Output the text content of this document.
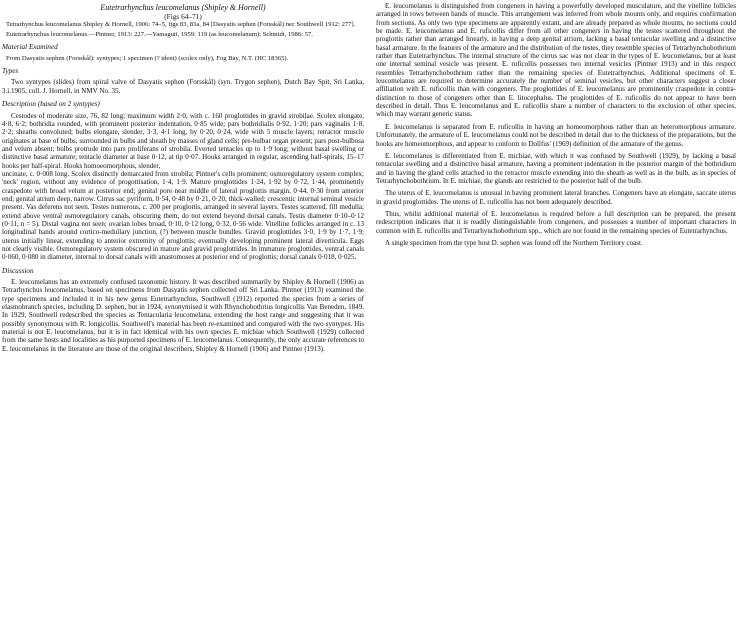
Eutetrarhynchus leucomelanus (Shipley & Hornell)

(Figs 64–71)

Tetrarhynchus leucomelanus Shipley & Hornell, 1906: 74–5, figs 83, 83a, 84 [Dasyatis sephen (Forsskål) nec Southwell 1912: 277].

Eutetrarhynchus leucomelanus.—Pintner, 1913: 227.—Yamaguti, 1959: 119 (as leucomelanum); Schmidt, 1986: 57.

Material Examined

From Dasyatis sephen (Forsskål): syntypes; 1 specimen (? ident) (scolex only), Fog Bay, N.T. (HC 18365).

Types

Two syntypes (slides) from spiral valve of Dasyatis sephen (Forsskål) (syn. Trygon sephen), Dutch Bay Spit, Sri Lanka, 3.i.1905, coll. J. Hornell, in NMV No. 35.

Description (based on 2 syntypes)

Cestodes of moderate size, 76, 82 long; maximum width 2·0, with c. 160 proglottides in gravid strobilae. Scolex elongate, 4·8, 6·2; bothridia rounded, with prominent posterior indentation, 0·85 wide; pars bothridialis 0·92, 1·20; pars vaginalis 1·8, 2·2; sheaths convoluted; bulbs elongate, slender, 3·3, 4·1 long, by 0·20, 0·24, wide with 5 muscle layers; retractor muscle originates at base of bulbs, surrounded in bulbs and sheath by masses of gland cells; pre-bulbar organ present; pars post-bulbosa and velum absent; bulbs protrude into pars proliferans of strobila. Everted tentacles up to 1·9 long; without basal swelling or distinctive basal armature; tentacle diameter at base 0·12, at tip 0·07. Hooks arranged in regular, ascending half-spirals, 15–17 hooks per half-spiral. Hooks homoeomorphous, slender,

uncinate, c. 0·008 long. Scolex distinctly demarcated from strobila; Pintner's cells prominent; osmoregulatory system complex; 'neck' region, without any evidence of progottisation, 1·4, 1·9. Mature proglottides 1·24, 1·92 by 0·72, 1·44, prominently craspedote with broad velum at posterior end; genital pore near middle of lateral proglottis margin, 0·44, 0·30 from anterior end; genital atrium deep, narrow. Cirrus sac pyriform, 0·54, 0·48 by 0·21, 0·20, thick-walled; crescentic internal seminal vesicle present. Vas deferens not seen. Testes numerous, c. 200 per proglottis, arranged in several layers. Testes scattered, fill medulla; extend above ventral osmoregulatory canals, obscuring them, do not extend beyond dorsal canals. Testis diameter 0·10–0·12 (0·11, n = 5). Distal vagina not seen; ovarian lobes broad, 0·10, 0·12 long, 0·32, 0·56 wide. Vitelline follicles arranged in c. 13 longitudinal bands around cortico-medullary junction, (?) between muscle bundles. Gravid proglottides 3·0, 1·9 by 1·7, 1·9; uterus initially linear, extending to anterior extremity of proglottis; eventually developing prominent lateral diverticula. Eggs not clearly visible. Osmoregulatory system obscured in mature and gravid proglottides. In immature proglottides, ventral canals 0·060, 0·080 in diameter, internal to dorsal canals with anastomoses at posterior end of proglottis; dorsal canals 0·018, 0·025.

Discussion

E. leucomelanus has an extremely confused taxonomic history. It was described summarily by Shipley & Hornell (1906) as Tetrarhynchus leucomelanus, based on specimens from Dasyatis sephen collected off Sri Lanka. Pintner (1913) examined the type specimens and included it in his new genus Eutetrarhynchus. Southwell (1912) reported the species from a series of elasmobranch species, including D. sephen, but in 1924, synonymised it with Rhynchobothrius longicollis Van Beneden, 1849. In 1929, Southwell redescribed the species as Tentacularia leucomelana, extending the host range and suggesting that it was possibly synonymous with R. longicollis. Southwell's material has been re-examined and compared with the two syntypes. His material is not E. leucomelanus, but it is in fact identical with his own species E. michiae which Southwell (1929) collected from the same hosts and localities as his purported specimens of E. leucomelanus. Consequently, the only accurate references to E. leucomelanus in the literature are those of the original describers, Shipley & Hornell (1906) and Pintner (1913).

E. leucomelanus is distinguished from congeners in having a powerfully developed musculature, and the vitelline follicles arranged in rows between bands of muscle. This arrangement was inferred from whole mounts only, and requires confirmation from sections. As only two type specimens are apparently extant, and are already prepared as whole mounts, no sections could be made. E. leucomelanus and E. ruficollis differ from all other congeners in having the testes scattered throughout the proglottis rather than arranged linearly, in having a deep genital atrium, lacking a basal tentacular swelling and a distinctive basal armature. In the features of the armature and the distribution of the testes, they resemble species of Tetrarhynchobothrium rather than Eutetrarhynchus. The internal structure of the cirrus sac was not clear in the types of E. leucomelanus, but at least one internal seminal vesicle was present. E. ruficollis possesses two internal vesicles (Pintner 1913) and in this respect resembles Tetrarhynchobothrium rather than the remaining species of Eutetrarhynchus. Additional specimens of E. leucomelanus are required to determine accurately the number of seminal vesicles, but other characters suggest a closer affiliation with E. ruficollis than with congeners. The proglottides of E. leucomelanus are prominently craspedote in contra-distinction to those of congeners other than E. litocephalus. The proglottides of E. ruficollis do not appear to have been described in detail. Thus E. leucomelanus and E. ruficollis share a number of characters to the exclusion of other species, which may warrant generic status.

E. leucomelanus is separated from E. ruficollis in having an homeomorphous rather than an heteromorphous armature. Unfortunately, the armature of E. leucomelanus could not be described in detail due to the thickness of the preparations, but the hooks are homeomorphous, and appear to conform to Dollfus' (1969) definition of the armature of the genus.

E. leucomelanus is differentiated from E. michiae, with which it was confused by Southwell (1929), by lacking a basal tentacular swelling and a distinctive basal armature, having a prominent indentation in the posterior margin of the bothridium and in having the gland cells attached to the retractor muscle extending into the sheath as well as in the bulb, as in species of Tetrarhynchobothrium. In E. michiae, the glands are restricted to the posterior half of the bulb.

The uterus of E. leucomelanus is unusual in having prominent lateral branches. Congeners have an elongate, saccate uterus in gravid proglottides. The uterus of E. ruficollis has not been adequately described.

Thus, whilst additional material of E. leucomelanus is required before a full description can be prepared, the present redescription indicates that it is readily distinguishable from congeners, and possesses a number of important characters in common with E. ruficollis and Tetrarhynchobothrium spp., which are not found in the remaining species of Eutetrarhynchus.

A single specimen from the type host D. sephen was found off the Northern Territory coast.
